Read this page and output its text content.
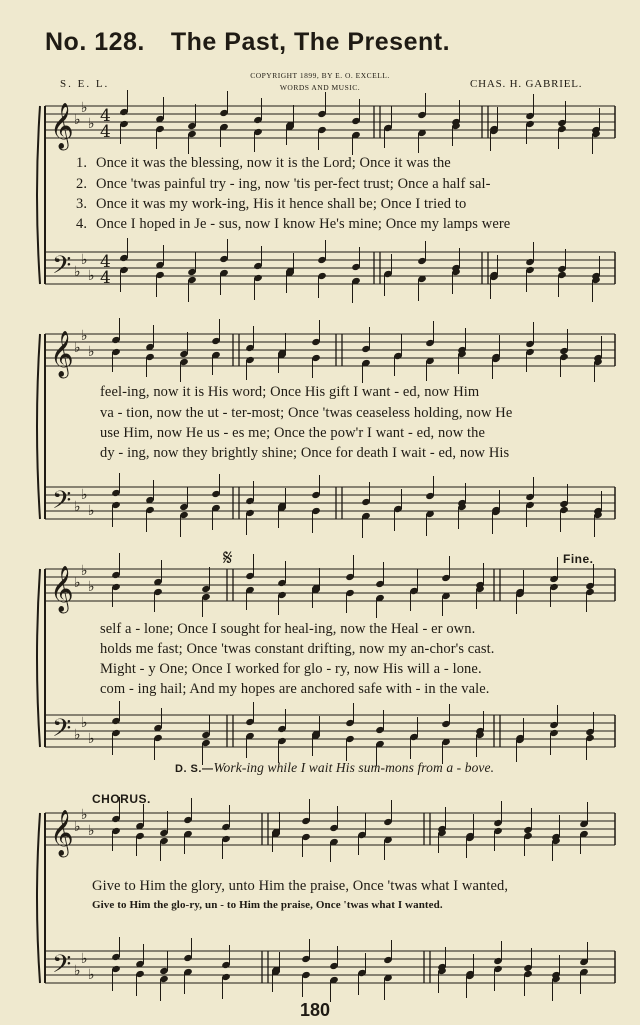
No. 128. The Past, The Present.
S. E. L.
COPYRIGHT 1899, BY E. O. EXCELL.
WORDS AND MUSIC.	CHAS. H. GABRIEL.
𝄞
𝄢
♭
♭
♭
♭
♭
♭
4
4
4
4
𝄞
𝄢
♭
♭
♭
♭
♭
♭
𝄞
𝄢
♭
♭
♭
♭
♭
♭
𝄞
𝄢
♭
♭
♭
♭
♭
♭
𝄋
1. Once it was the blessing, now it is the Lord; Once it was the
2. Once 'twas painful try - ing, now 'tis per-fect trust; Once a half sal-
3. Once it was my work-ing, His it hence shall be; Once I tried to
4. Once I hoped in Je - sus, now I know He's mine; Once my lamps were
feel-ing, now it is His word; Once His gift I want - ed, now Him
va - tion, now the ut - ter-most; Once 'twas ceaseless holding, now He
use Him, now He us - es me; Once the pow'r I want - ed, now the
dy - ing, now they brightly shine; Once for death I wait - ed, now His
Fine.
self a - lone; Once I sought for heal-ing, now the Heal - er own.
holds me fast; Once 'twas constant drifting, now my an-chor's cast.
Might - y One; Once I worked for glo - ry, now His will a - lone.
com - ing hail; And my hopes are anchored safe with - in the vale.
D. S.—Work-ing while I wait His sum-mons from a - bove.
CHORUS.
Give to Him the glory, unto Him the praise, Once 'twas what I wanted,
Give to Him the glo-ry, un - to Him the praise, Once 'twas what I wanted.
180
